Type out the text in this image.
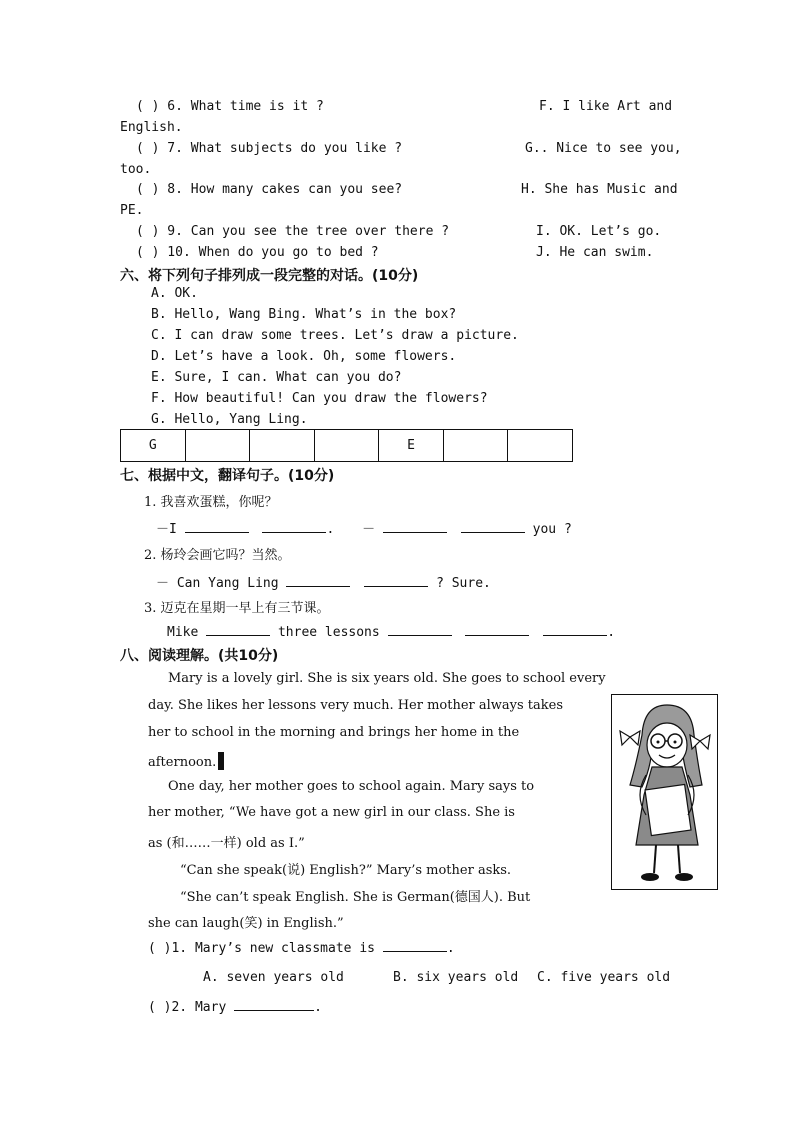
( ) 6. What time is it ?	F. I like Art and
English.
( ) 7. What subjects do you like ?	G.. Nice to see you,
too.
( ) 8. How many cakes can you see?	H. She has Music and
PE.
( ) 9. Can you see the tree over there ?	I. OK. Let’s go.
( ) 10. When do you go to bed ?	J. He can swim.
六、将下列句子排列成一段完整的对话。(10分)
A. OK.
B. Hello, Wang Bing. What’s in the box?
C. I can draw some trees. Let’s draw a picture.
D. Let’s have a look. Oh, some flowers.
E. Sure, I can. What can you do?
F. How beautiful! Can you draw the flowers?
G. Hello, Yang Ling.
G				E		
七、根据中文，翻译句子。(10分)
1. 我喜欢蛋糕，你呢？
－I	. －	you ?
2. 杨玲会画它吗？当然。
－ Can Yang Ling	? Sure.
3. 迈克在星期一早上有三节课。
Mike	three lessons	.
八、阅读理解。(共10分)
Mary is a lovely girl. She is six years old. She goes to school every
day. She likes her lessons very much. Her mother always takes
her to school in the morning and brings her home in the
afternoon.
One day, her mother goes to school again. Mary says to
her mother, “We have got a new girl in our class. She is
as (和……一样) old as I.”
“Can she speak(说) English?” Mary’s mother asks.
“She can’t speak English. She is German(德国人). But
she can laugh(笑) in English.”
( )1. Mary’s new classmate is	.
A. seven years old	B. six years old C. five years old
( )2. Mary	.
